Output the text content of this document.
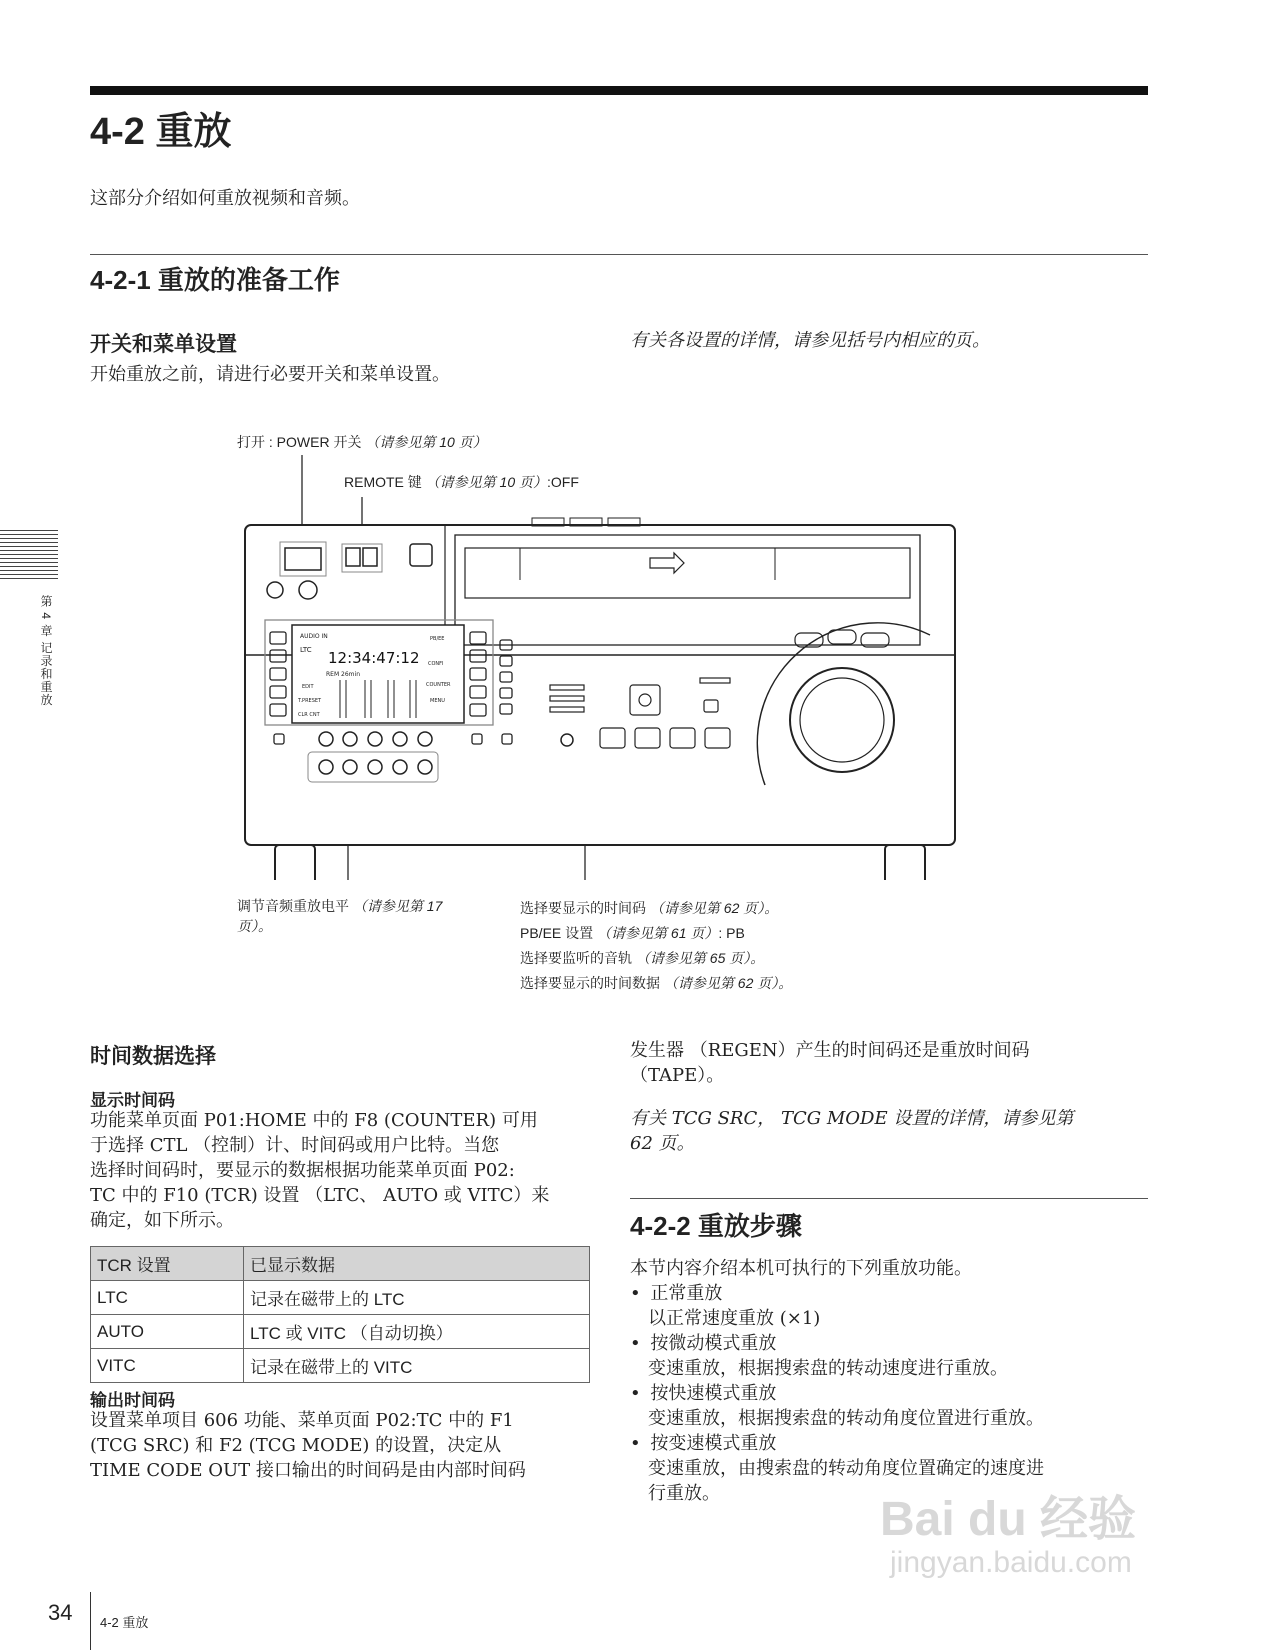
4-2 重放
这部分介绍如何重放视频和音频。
4-2-1 重放的准备工作
开关和菜单设置
开始重放之前，请进行必要开关和菜单设置。
有关各设置的详情，请参见括号内相应的页。
第 4 章 记录和重放
打开 : POWER 开关 （请参见第 10 页）
REMOTE 键 （请参见第 10 页）:OFF
AUDIO IN
LTC 12:34:47:12
REM 26min
EDIT
T.PRESET
CLR CNT
PB/EE
CONFI
COUNTER
MENU
调节音频重放电平 （请参见第 17
页）。
选择要显示的时间码 （请参见第 62 页）。
PB/EE 设置 （请参见第 61 页）: PB
选择要监听的音轨 （请参见第 65 页）。
选择要显示的时间数据 （请参见第 62 页）。
时间数据选择
显示时间码
功能菜单页面 P01:HOME 中的 F8 (COUNTER) 可用
于选择 CTL （控制）计、时间码或用户比特。当您
选择时间码时，要显示的数据根据功能菜单页面 P02:
TC 中的 F10 (TCR) 设置 （LTC、 AUTO 或 VITC）来
确定，如下所示。
TCR 设置	已显示数据
LTC	记录在磁带上的 LTC
AUTO	LTC 或 VITC （自动切换）
VITC	记录在磁带上的 VITC
输出时间码
设置菜单项目 606 功能、菜单页面 P02:TC 中的 F1
(TCG SRC) 和 F2 (TCG MODE) 的设置，决定从
TIME CODE OUT 接口输出的时间码是由内部时间码
发生器 （REGEN）产生的时间码还是重放时间码
（TAPE）。
有关 TCG SRC， TCG MODE 设置的详情，请参见第
62 页。
4-2-2 重放步骤
本节内容介绍本机可执行的下列重放功能。
• 正常重放
以正常速度重放 (×1)
• 按微动模式重放
变速重放，根据搜索盘的转动速度进行重放。
• 按快速模式重放
变速重放，根据搜索盘的转动角度位置进行重放。
• 按变速模式重放
变速重放，由搜索盘的转动角度位置确定的速度进
行重放。	Bai du 经验
jingyan.baidu.com
34 4-2 重放
